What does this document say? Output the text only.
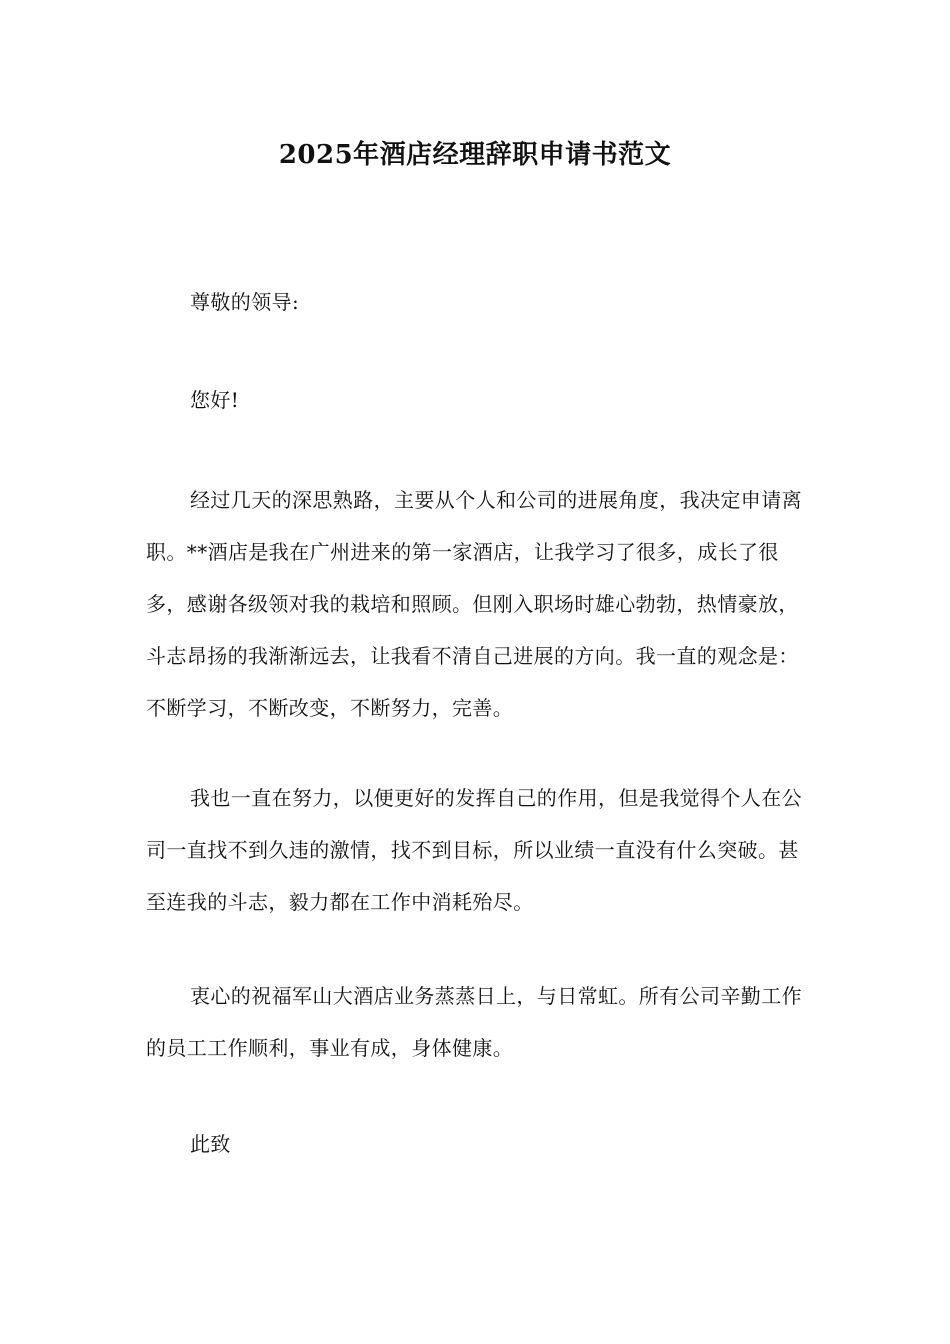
2025年酒店经理辞职申请书范文

尊敬的领导:

您好!

经过几天的深思熟路，主要从个人和公司的进展角度，我决定申请离职。**酒店是我在广州进来的第一家酒店，让我学习了很多，成长了很多，感谢各级领对我的栽培和照顾。但刚入职场时雄心勃勃，热情豪放，斗志昂扬的我渐渐远去，让我看不清自己进展的方向。我一直的观念是：不断学习，不断改变，不断努力，完善。

我也一直在努力，以便更好的发挥自己的作用，但是我觉得个人在公司一直找不到久违的激情，找不到目标，所以业绩一直没有什么突破。甚至连我的斗志，毅力都在工作中消耗殆尽。

衷心的祝福军山大酒店业务蒸蒸日上，与日常虹。所有公司辛勤工作的员工工作顺利，事业有成，身体健康。

此致
